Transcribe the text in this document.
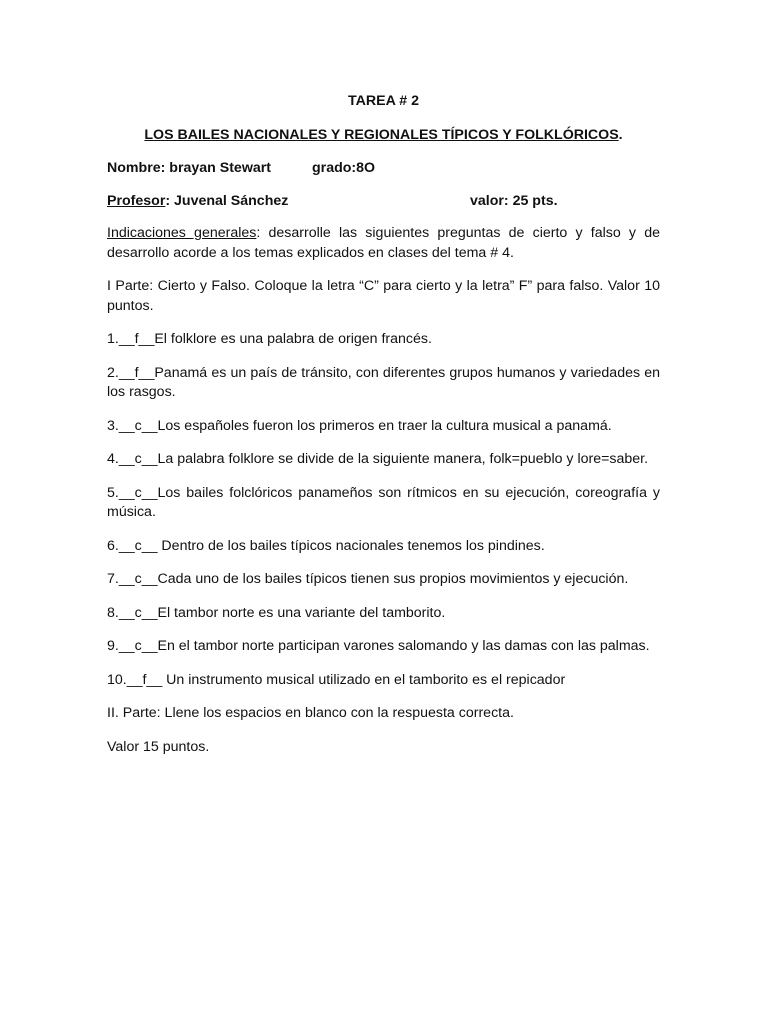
TAREA # 2
LOS BAILES NACIONALES Y REGIONALES TÍPICOS Y FOLKLÓRICOS.
Nombre: brayan Stewart	grado:8O
Profesor: Juvenal Sánchez	valor: 25 pts.

Indicaciones generales: desarrolle las siguientes preguntas de cierto y falso y de desarrollo acorde a los temas explicados en clases del tema # 4.

I Parte: Cierto y Falso. Coloque la letra “C” para cierto y la letra” F” para falso. Valor 10 puntos.

1.__f__El folklore es una palabra de origen francés.

2.__f__Panamá es un país de tránsito, con diferentes grupos humanos y variedades en los rasgos.

3.__c__Los españoles fueron los primeros en traer la cultura musical a panamá.

4.__c__La palabra folklore se divide de la siguiente manera, folk=pueblo y lore=saber.

5.__c__Los bailes folclóricos panameños son rítmicos en su ejecución, coreografía y música.

6.__c__ Dentro de los bailes típicos nacionales tenemos los pindines.

7.__c__Cada uno de los bailes típicos tienen sus propios movimientos y ejecución.

8.__c__El tambor norte es una variante del tamborito.

9.__c__En el tambor norte participan varones salomando y las damas con las palmas.

10.__f__ Un instrumento musical utilizado en el tamborito es el repicador

II. Parte: Llene los espacios en blanco con la respuesta correcta.

Valor 15 puntos.
